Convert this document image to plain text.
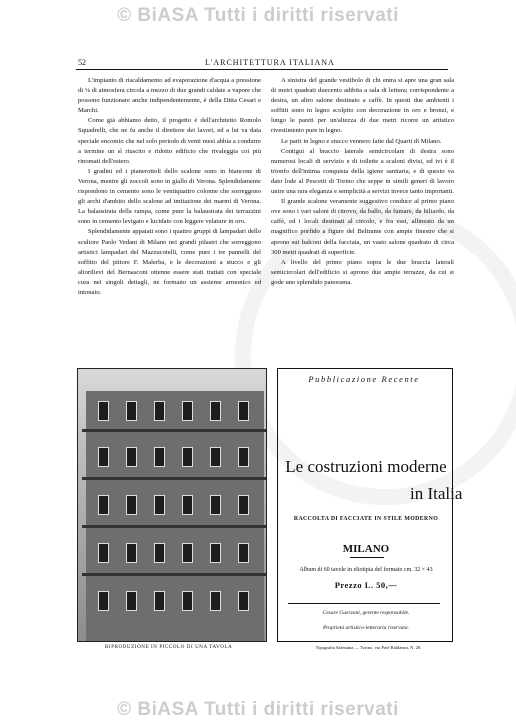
© BiASA Tutti i diritti riservati
© BiASA Tutti i diritti riservati
52	L'ARCHITETTURA ITALIANA

L'impianto di riscaldamento ad evaporazione d'acqua a pressione di ⅛ di atmosfera circola a mezzo di due grandi caldaie a vapore che possono funzionare anche indipendentemente, è della Ditta Cesari e Marchi.

Come già abbiamo detto, il progetto è dell'architetto Romolo Squadrelli, che ne fu anche il direttore dei lavori, ed a lui va data speciale encomio che nel solo periodo di venti mesi abbia a condurre a termine un sì riuscito e ridotto edificio che rivaleggia coi più rinomati dell'estero.

I gradini ed i pianerottoli dello scalone sono in biancone di Verona, mentre gli zoccoli sono in giallo di Verona. Splendidamente rispondono in cemento sono le ventiquattro colonne che sorreggono gli archi d'ambito dello scalone ad imitazione dei marmi di Verona. La balaustrata della rampa, come pure la balaustrata dei terrazzini sono in cemento levigato e lucidato con leggere velature in oro.

Splendidamente appaiati sono i quattro gruppi di lampadari dello scultore Paolo Vedani di Milano nei grandi pilastri che sorreggono artistici lampadari del Mazzucotelli, come pure i tre pannelli del soffitto del pittore F. Malerba, e le decorazioni a stucco e gli altorilievi del Bernasconi ottenne essere stati trattati con speciale cura nei singoli dettagli, ne formano un assieme armonico ed intonato.

A sinistra del grande vestibolo di chi entra si apre una gran sala di metri quadrati duecento adibita a sala di lettura; corrispondente a destra, un altro salone destinato a caffè. In questi due ambienti i soffitti sono in legno scolpito con decorazione in oro e bronzi, e lungo le pareti per un'altezza di due metri ricorre un artistico rivestimento pure in legno.

Le parti in legno e stucco vennero fatte dal Quarti di Milano.

Contigui al braccio laterale semicircolare di destra sono numerosi locali di servizio e di toilette a scaloni divisi, ed ivi è il trionfo dell'intima conquista della igiene sanitaria, e di questo va dato lode al Pescetti di Torino che seppe in simili generi di lavoro unire una rara eleganza e semplicità a servizi invece tanto importanti.

Il grande scalone veramente suggestivo conduce al primo piano ove sono i vari saloni di ritrovo, da ballo, da fumare, da biliardo, da caffè, ed i locali destinati al circolo, e fra essi, allineato da un magnifico porfido a figure del Beltrame con ampie finestre che si aprono sui balconi della facciata, un vasto salone quadrato di circa 300 metri quadrati di superficie.

A livello del primo piano sopra le due braccia laterali semicircolari dell'edificio si aprono due ampie terrazze, da cui si gode uno splendido panorama.

RIPRODUZIONE IN PICCOLO DI UNA TAVOLA
Pubblicazione Recente
Le costruzioni moderne
in Italia
RACCOLTA DI FACCIATE IN STILE MODERNO
MILANO
Album di 60 tavole in eliotipia del formato cm. 32 × 43
Prezzo L. 50,—
Cesare Guerzoni, gerente responsabile.
Proprietà artistico-letteraria riservata.
Tipografia Salesiana — Torino, via Poté Baldanza, N. 28.
